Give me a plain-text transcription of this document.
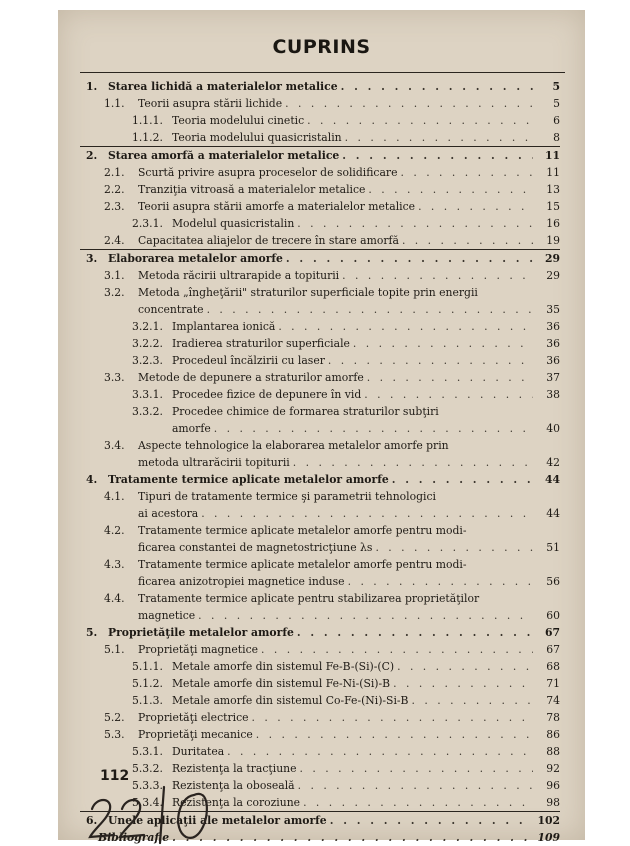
CUPRINS
1. Starea lichidă a materialelor metalice . . .	5
1.1.	Teorii asupra stării lichide . . .	5
1.1.1. Teoria modelului cinetic . . .	6
1.1.2. Teoria modelului quasicristalin . . .	8
2. Starea amorfă a materialelor metalice . . .	11
2.1.	Scurtă privire asupra proceselor de solidificare . . .	11
2.2.	Tranziţia vitroasă a materialelor metalice . . .	13
2.3.	Teorii asupra stării amorfe a materialelor metalice . . .	15
2.3.1. Modelul quasicristalin . . .	16
2.4.	Capacitatea aliajelor de trecere în stare amorfă . . .	19
3. Elaborarea metalelor amorfe . . .	29
3.1.	Metoda răcirii ultrarapide a topiturii . . .	29
3.2.	Metoda „îngheţării" straturilor superficiale topite prin energii
concentrate . . .	35
3.2.1. Implantarea ionică . . .	36
3.2.2. Iradierea straturilor superficiale . . .	36
3.2.3. Procedeul încălzirii cu laser . . .	36
3.3.	Metode de depunere a straturilor amorfe . . .	37
3.3.1. Procedee fizice de depunere în vid . . .	38
3.3.2. Procedee chimice de formarea straturilor subţiri
amorfe . . .	40
3.4.	Aspecte tehnologice la elaborarea metalelor amorfe prin
metoda ultrarăcirii topiturii . . .	42
4. Tratamente termice aplicate metalelor amorfe . . .	44
4.1.	Tipuri de tratamente termice şi parametrii tehnologici
ai acestora . . .	44
4.2.	Tratamente termice aplicate metalelor amorfe pentru modi-
ficarea constantei de magnetostricţiune λs . . .	51
4.3.	Tratamente termice aplicate metalelor amorfe pentru modi-
ficarea anizotropiei magnetice induse . . .	56
4.4.	Tratamente termice aplicate pentru stabilizarea proprietăţilor
magnetice . . .	60
5. Proprietăţile metalelor amorfe . . .	67
5.1.	Proprietăţi magnetice . . .	67
5.1.1. Metale amorfe din sistemul Fe-B-(Si)-(C) . . .	68
5.1.2. Metale amorfe din sistemul Fe-Ni-(Si)-B . . .	71
5.1.3. Metale amorfe din sistemul Co-Fe-(Ni)-Si-B . . .	74
5.2.	Proprietăţi electrice . . .	78
5.3.	Proprietăţi mecanice . . .	86
5.3.1. Duritatea . . .	88
5.3.2. Rezistenţa la tracţiune . . .	92
5.3.3. Rezistenţa la oboseală . . .	96
5.3.4. Rezistenţa la coroziune . . .	98
6. Unele aplicaţii ale metalelor amorfe . . .	102
Bibliografie . . .	109
112
